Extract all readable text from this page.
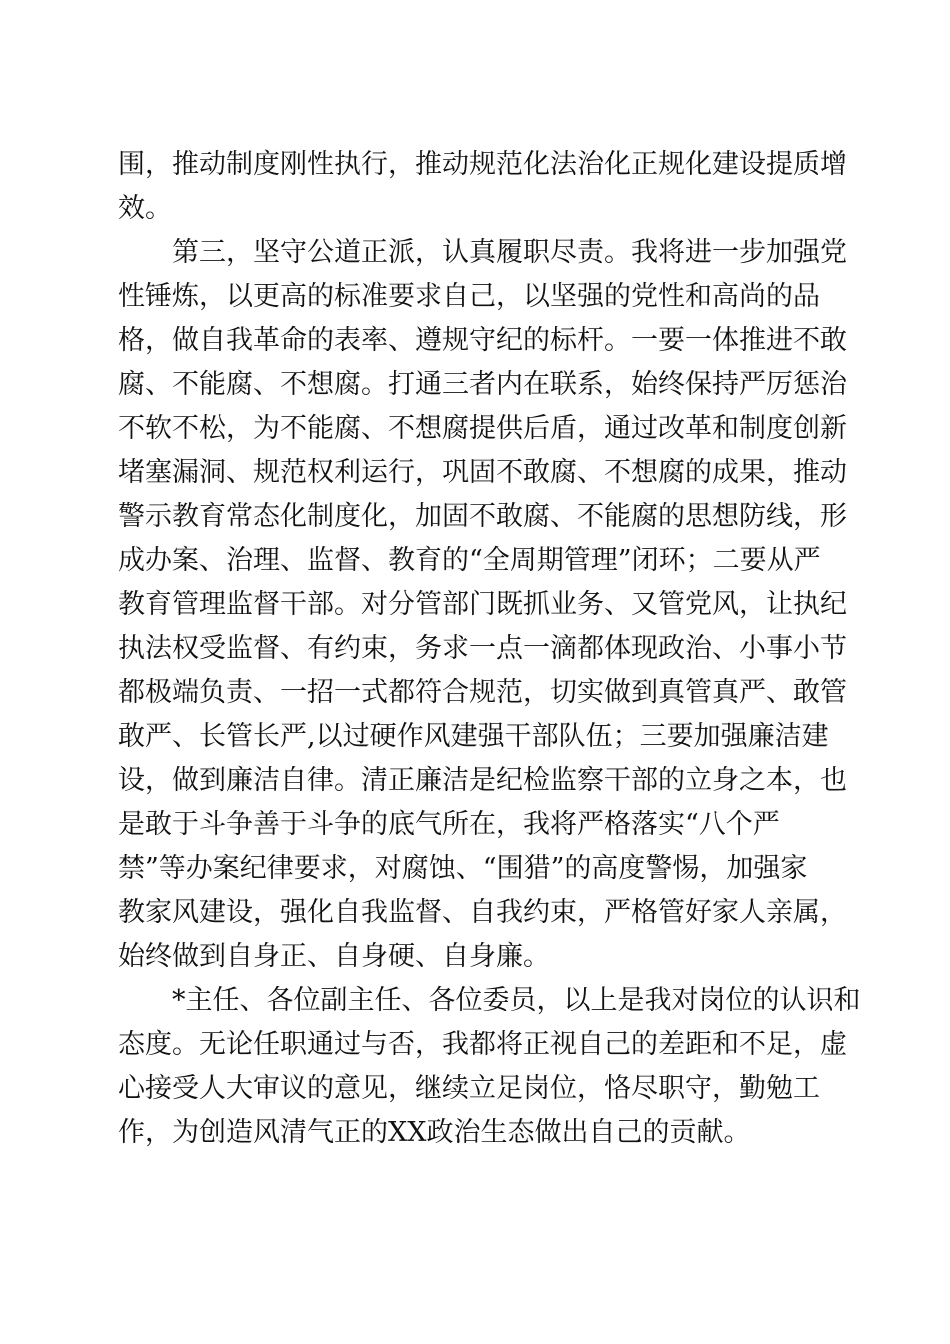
围，推动制度刚性执行，推动规范化法治化正规化建设提质增
效。
第三，坚守公道正派，认真履职尽责。我将进一步加强党
性锤炼，以更高的标准要求自己，以坚强的党性和高尚的品
格，做自我革命的表率、遵规守纪的标杆。一要一体推进不敢
腐、不能腐、不想腐。打通三者内在联系，始终保持严厉惩治
不软不松，为不能腐、不想腐提供后盾，通过改革和制度创新
堵塞漏洞、规范权利运行，巩固不敢腐、不想腐的成果，推动
警示教育常态化制度化，加固不敢腐、不能腐的思想防线，形
成办案、治理、监督、教育的“全周期管理”闭环；二要从严
教育管理监督干部。对分管部门既抓业务、又管党风，让执纪
执法权受监督、有约束，务求一点一滴都体现政治、小事小节
都极端负责、一招一式都符合规范，切实做到真管真严、敢管
敢严、长管长严,以过硬作风建强干部队伍；三要加强廉洁建
设，做到廉洁自律。清正廉洁是纪检监察干部的立身之本，也
是敢于斗争善于斗争的底气所在，我将严格落实“八个严
禁”等办案纪律要求，对腐蚀、“围猎”的高度警惕，加强家
教家风建设，强化自我监督、自我约束，严格管好家人亲属，
始终做到自身正、自身硬、自身廉。
*主任、各位副主任、各位委员，以上是我对岗位的认识和
态度。无论任职通过与否，我都将正视自己的差距和不足，虚
心接受人大审议的意见，继续立足岗位，恪尽职守，勤勉工
作，为创造风清气正的XX政治生态做出自己的贡献。
